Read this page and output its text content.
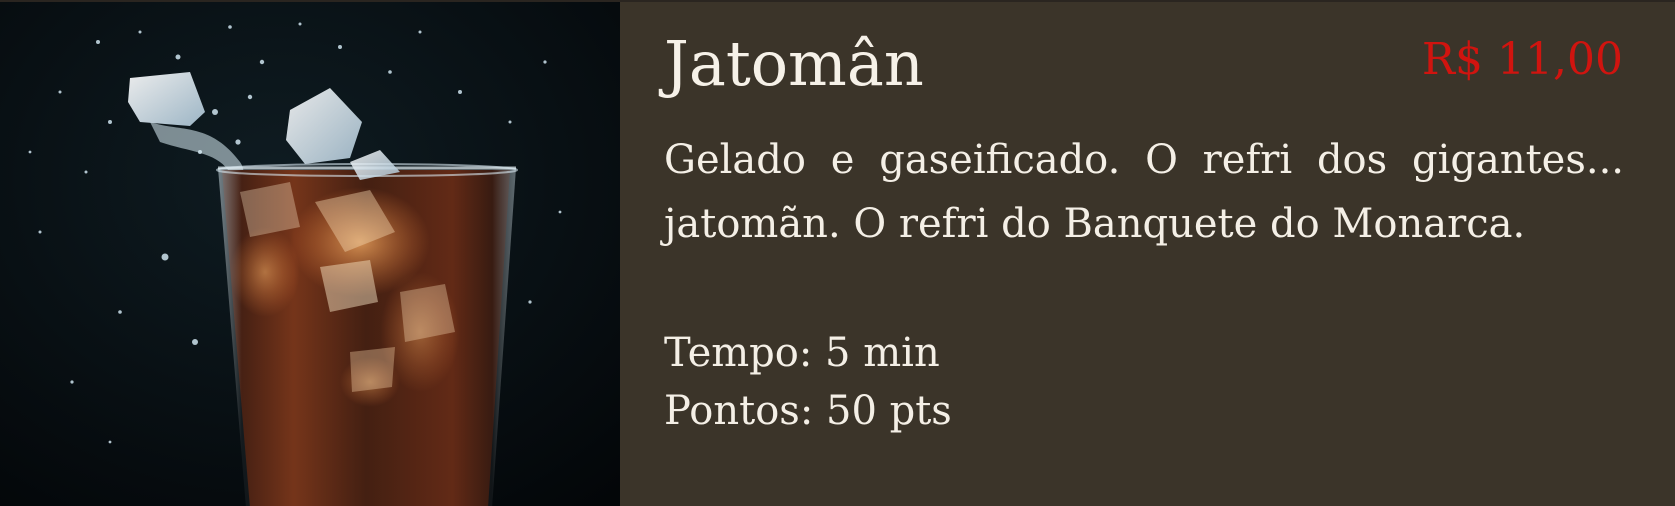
Jatomân	R$ 11,00

Gelado e gaseificado. O refri dos gigantes... jatomãn. O refri do Banquete do Monarca.

Tempo: 5 min
Pontos: 50 pts
